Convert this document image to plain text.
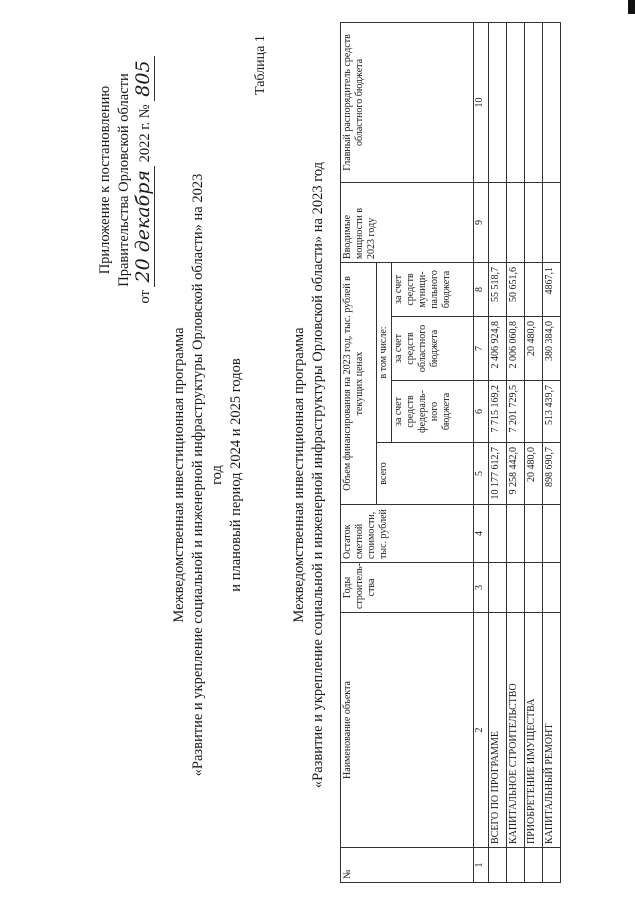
Приложение к постановлению Правительства Орловской области
от 20 декабря 2022 г. № 805	Таблица 1
Межведомственная инвестиционная программа «Развитие и укрепление социальной и инженерной инфраструктуры Орловской области» на 2023 год и плановый период 2024 и 2025 годов	Межведомственная инвестиционная программа «Развитие и укрепление социальной и инженерной инфраструктуры Орловской области» на 2023 год
№	Наименование объекта	Годы строитель-ства	Остаток сметной стоимости, тыс. рублей	Объем финансирования на 2023 год, тыс. рублей в текущих ценах				Вводимые мощности в 2023 году	Главный распорядитель средств областного бюджета
				всего	в том числе:				
					за счет средств федераль-ного бюджета	за счет средств областного бюджета	за счет средств муници-пального бюджета		
1	2	3	4	5	6	7	8	9	10
	ВСЕГО ПО ПРОГРАММЕ			10 177 612,7	7 715 169,2	2 406 924,8	55 518,7		
	КАПИТАЛЬНОЕ СТРОИТЕЛЬСТВО			9 258 442,0	7 201 729,5	2 006 060,8	50 651,6		
	ПРИОБРЕТЕНИЕ ИМУЩЕСТВА			20 480,0		20 480,0			
	КАПИТАЛЬНЫЙ РЕМОНТ			898 690,7	513 439,7	380 384,0	4867,1		
